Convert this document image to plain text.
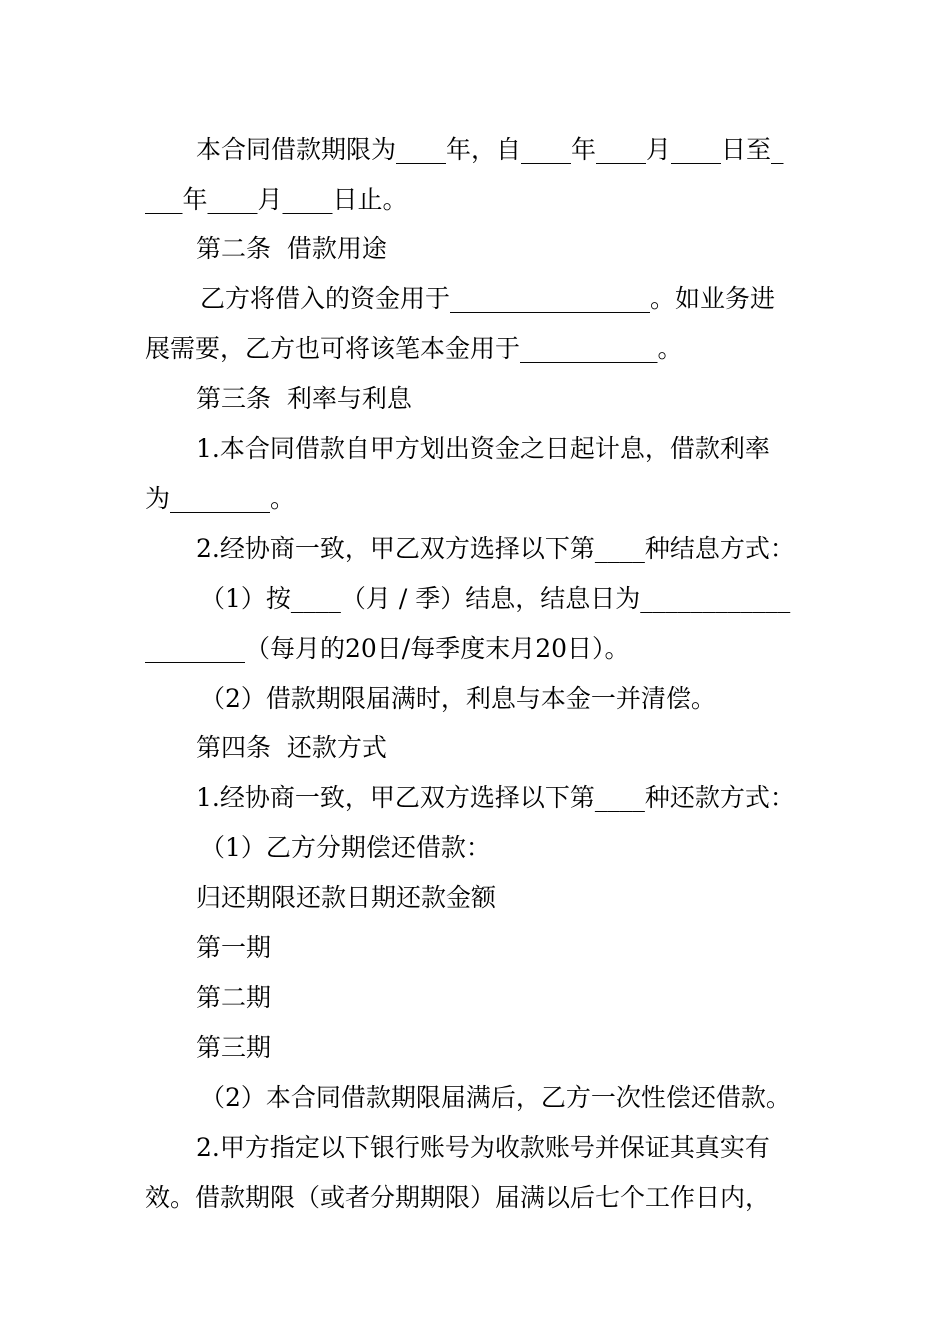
本合同借款期限为____年，自____年____月____日至_
___年____月____日止。
第二条  借款用途
乙方将借入的资金用于________________。如业务进
展需要，乙方也可将该笔本金用于___________。
第三条  利率与利息
1.本合同借款自甲方划出资金之日起计息，借款利率
为________。
2.经协商一致，甲乙双方选择以下第____种结息方式：
（1）按____（月 / 季）结息，结息日为____________
________（每月的20日/每季度末月20日）。
（2）借款期限届满时，利息与本金一并清偿。
第四条  还款方式
1.经协商一致，甲乙双方选择以下第____种还款方式：
（1）乙方分期偿还借款：
归还期限还款日期还款金额
第一期
第二期
第三期
（2）本合同借款期限届满后，乙方一次性偿还借款。
2.甲方指定以下银行账号为收款账号并保证其真实有
效。借款期限（或者分期期限）届满以后七个工作日内，
